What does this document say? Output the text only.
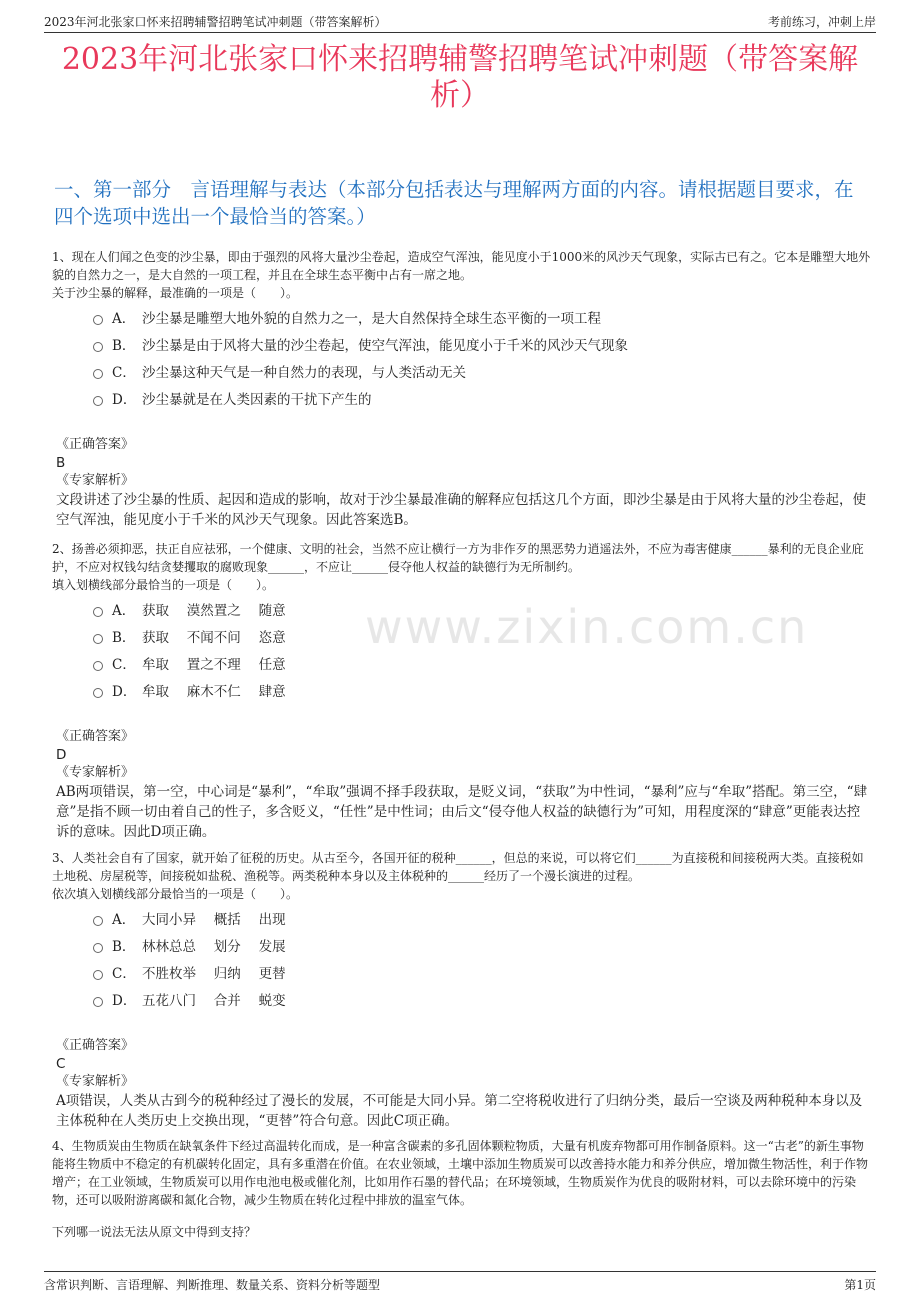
2023年河北张家口怀来招聘辅警招聘笔试冲刺题（带答案解析）	考前练习，冲刺上岸
2023年河北张家口怀来招聘辅警招聘笔试冲刺题（带答案解析）
一、第一部分　言语理解与表达（本部分包括表达与理解两方面的内容。请根据题目要求，在四个选项中选出一个最恰当的答案。）
www.zixin.com.cn
1、现在人们闻之色变的沙尘暴，即由于强烈的风将大量沙尘卷起，造成空气浑浊，能见度小于1000米的风沙天气现象，实际古已有之。它本是雕塑大地外貌的自然力之一，是大自然的一项工程，并且在全球生态平衡中占有一席之地。
关于沙尘暴的解释，最准确的一项是（　　）。
A． 沙尘暴是雕塑大地外貌的自然力之一，是大自然保持全球生态平衡的一项工程
B． 沙尘暴是由于风将大量的沙尘卷起，使空气浑浊，能见度小于千米的风沙天气现象
C． 沙尘暴这种天气是一种自然力的表现，与人类活动无关
D． 沙尘暴就是在人类因素的干扰下产生的
《正确答案》
B
《专家解析》
文段讲述了沙尘暴的性质、起因和造成的影响，故对于沙尘暴最准确的解释应包括这几个方面，即沙尘暴是由于风将大量的沙尘卷起，使空气浑浊，能见度小于千米的风沙天气现象。因此答案选B。
2、扬善必须抑恶，扶正自应祛邪，一个健康、文明的社会，当然不应让横行一方为非作歹的黑恶势力逍遥法外，不应为毒害健康______暴利的无良企业庇护，不应对权钱勾结贪婪攫取的腐败现象______，不应让______侵夺他人权益的缺德行为无所制约。
填入划横线部分最恰当的一项是（　　）。
A． 获取　 漠然置之　 随意
B． 获取　 不闻不问　 恣意
C． 牟取　 置之不理　 任意
D． 牟取　 麻木不仁　 肆意
《正确答案》
D
《专家解析》
AB两项错误，第一空，中心词是“暴利”，“牟取”强调不择手段获取，是贬义词，“获取”为中性词，“暴利”应与“牟取”搭配。第三空，“肆意”是指不顾一切由着自己的性子，多含贬义，“任性”是中性词；由后文“侵夺他人权益的缺德行为”可知，用程度深的“肆意”更能表达控诉的意味。因此D项正确。
3、人类社会自有了国家，就开始了征税的历史。从古至今，各国开征的税种______，但总的来说，可以将它们______为直接税和间接税两大类。直接税如土地税、房屋税等，间接税如盐税、渔税等。两类税种本身以及主体税种的______经历了一个漫长演进的过程。
依次填入划横线部分最恰当的一项是（　　）。
A． 大同小异　 概括　 出现
B． 林林总总　 划分　 发展
C． 不胜枚举　 归纳　 更替
D． 五花八门　 合并　 蜕变
《正确答案》
C
《专家解析》
A项错误，人类从古到今的税种经过了漫长的发展，不可能是大同小异。第二空将税收进行了归纳分类，最后一空谈及两种税种本身以及主体税种在人类历史上交换出现，“更替”符合句意。因此C项正确。
4、生物质炭由生物质在缺氧条件下经过高温转化而成，是一种富含碳素的多孔固体颗粒物质，大量有机废弃物都可用作制备原料。这一“古老”的新生事物能将生物质中不稳定的有机碳转化固定，具有多重潜在价值。在农业领域，土壤中添加生物质炭可以改善持水能力和养分供应，增加微生物活性，利于作物增产；在工业领域，生物质炭可以用作电池电极或催化剂，比如用作石墨的替代品；在环境领域，生物质炭作为优良的吸附材料，可以去除环境中的污染物，还可以吸附游离碳和氮化合物，减少生物质在转化过程中排放的温室气体。
下列哪一说法无法从原文中得到支持？
含常识判断、言语理解、判断推理、数量关系、资料分析等题型	第1页
